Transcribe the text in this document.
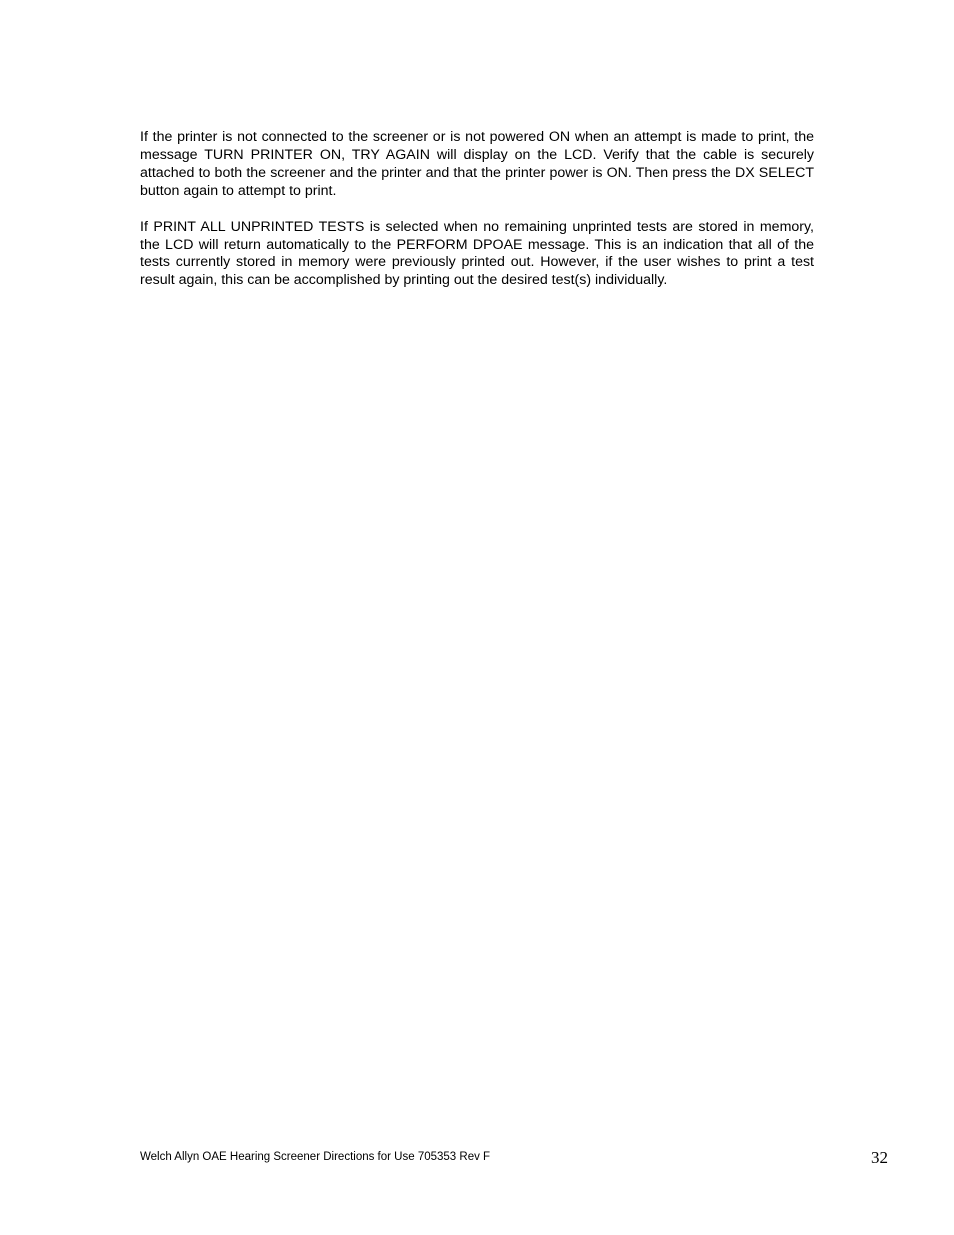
If the printer is not connected to the screener or is not powered ON when an attempt is made to print, the message TURN PRINTER ON, TRY AGAIN will display on the LCD. Verify that the cable is securely attached to both the screener and the printer and that the printer power is ON. Then press the DX SELECT button again to attempt to print.

If PRINT ALL UNPRINTED TESTS is selected when no remaining unprinted tests are stored in memory, the LCD will return automatically to the PERFORM DPOAE message. This is an indication that all of the tests currently stored in memory were previously printed out. However, if the user wishes to print a test result again, this can be accomplished by printing out the desired test(s) individually.

Welch Allyn OAE Hearing Screener Directions for Use 705353 Rev F	32
